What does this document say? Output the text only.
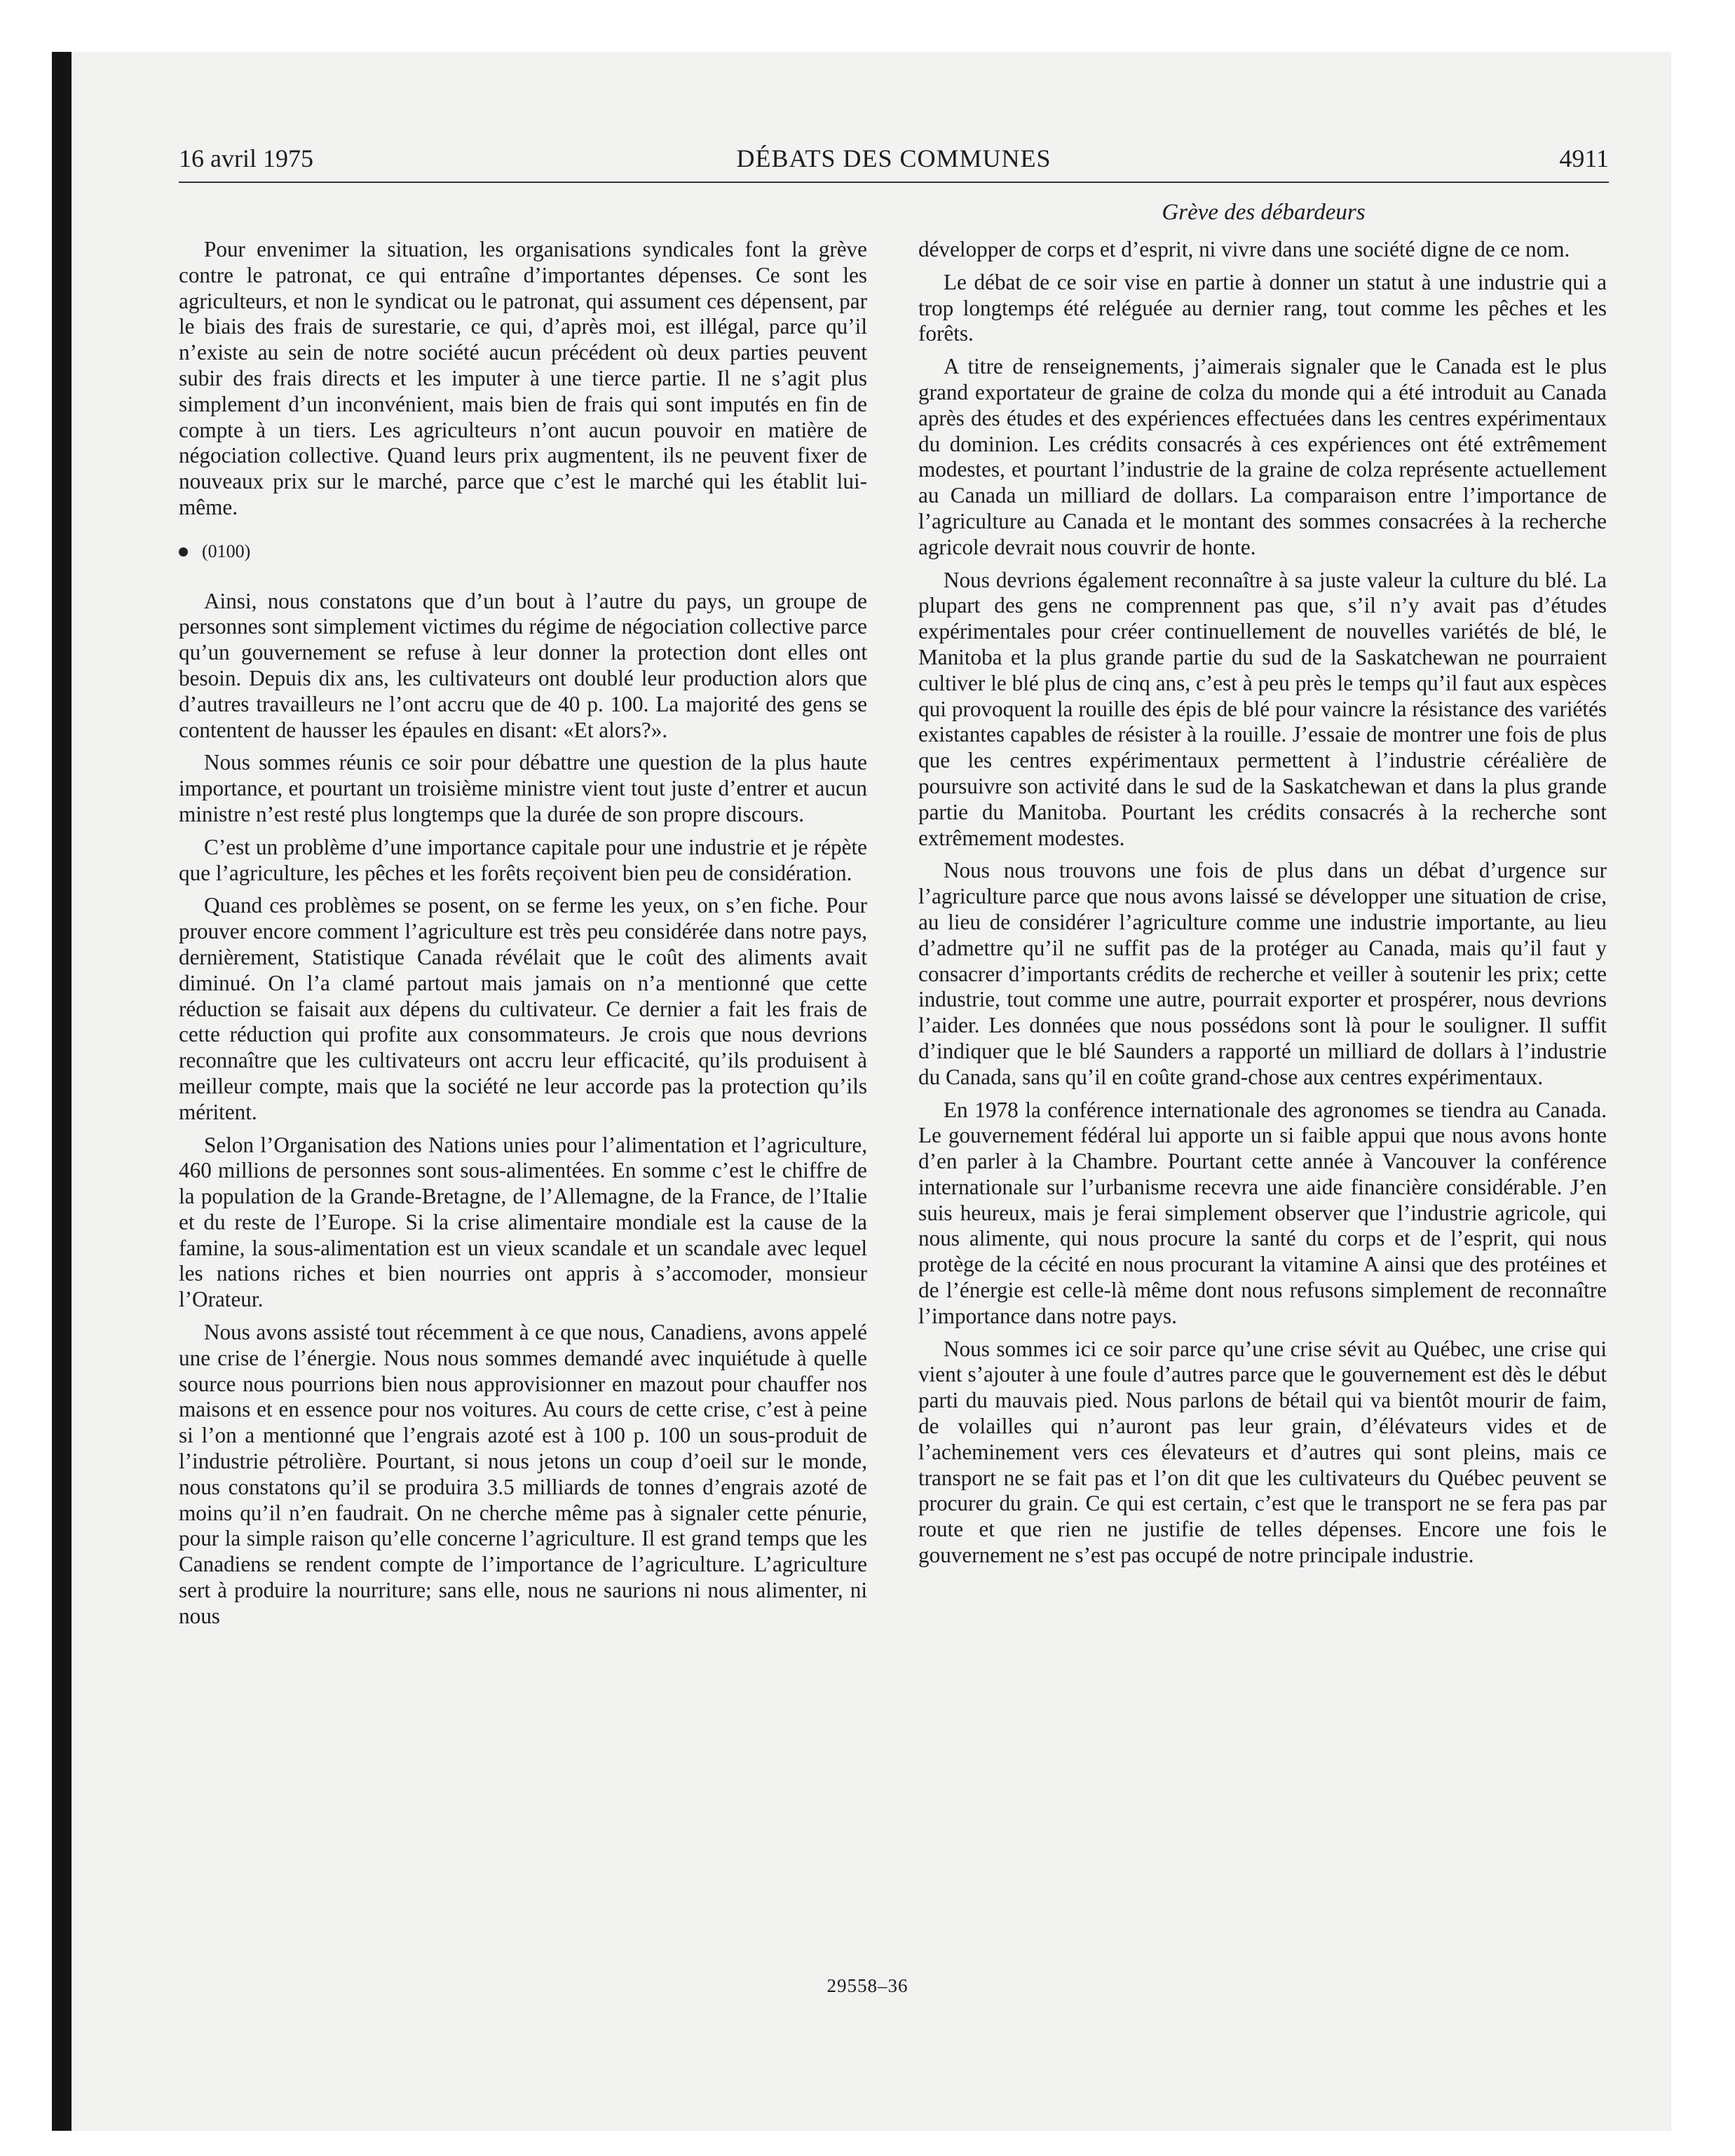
16 avril 1975	DÉBATS DES COMMUNES	4911
Grève des débardeurs

Pour envenimer la situation, les organisations syndicales font la grève contre le patronat, ce qui entraîne d’importantes dépenses. Ce sont les agriculteurs, et non le syndicat ou le patronat, qui assument ces dépensent, par le biais des frais de surestarie, ce qui, d’après moi, est illégal, parce qu’il n’existe au sein de notre société aucun précédent où deux parties peuvent subir des frais directs et les imputer à une tierce partie. Il ne s’agit plus simplement d’un inconvénient, mais bien de frais qui sont imputés en fin de compte à un tiers. Les agriculteurs n’ont aucun pouvoir en matière de négociation collective. Quand leurs prix augmentent, ils ne peuvent fixer de nouveaux prix sur le marché, parce que c’est le marché qui les établit lui-même.

(0100)

Ainsi, nous constatons que d’un bout à l’autre du pays, un groupe de personnes sont simplement victimes du régime de négociation collective parce qu’un gouvernement se refuse à leur donner la protection dont elles ont besoin. Depuis dix ans, les cultivateurs ont doublé leur production alors que d’autres travailleurs ne l’ont accru que de 40 p. 100. La majorité des gens se contentent de hausser les épaules en disant: «Et alors?».

Nous sommes réunis ce soir pour débattre une question de la plus haute importance, et pourtant un troisième ministre vient tout juste d’entrer et aucun ministre n’est resté plus longtemps que la durée de son propre discours.

C’est un problème d’une importance capitale pour une industrie et je répète que l’agriculture, les pêches et les forêts reçoivent bien peu de considération.

Quand ces problèmes se posent, on se ferme les yeux, on s’en fiche. Pour prouver encore comment l’agriculture est très peu considérée dans notre pays, dernièrement, Statistique Canada révélait que le coût des aliments avait diminué. On l’a clamé partout mais jamais on n’a mentionné que cette réduction se faisait aux dépens du cultivateur. Ce dernier a fait les frais de cette réduction qui profite aux consommateurs. Je crois que nous devrions reconnaître que les cultivateurs ont accru leur efficacité, qu’ils produisent à meilleur compte, mais que la société ne leur accorde pas la protection qu’ils méritent.

Selon l’Organisation des Nations unies pour l’alimentation et l’agriculture, 460 millions de personnes sont sous-alimentées. En somme c’est le chiffre de la population de la Grande-Bretagne, de l’Allemagne, de la France, de l’Italie et du reste de l’Europe. Si la crise alimentaire mondiale est la cause de la famine, la sous-alimentation est un vieux scandale et un scandale avec lequel les nations riches et bien nourries ont appris à s’accomoder, monsieur l’Orateur.

Nous avons assisté tout récemment à ce que nous, Canadiens, avons appelé une crise de l’énergie. Nous nous sommes demandé avec inquiétude à quelle source nous pourrions bien nous approvisionner en mazout pour chauffer nos maisons et en essence pour nos voitures. Au cours de cette crise, c’est à peine si l’on a mentionné que l’engrais azoté est à 100 p. 100 un sous-produit de l’industrie pétrolière. Pourtant, si nous jetons un coup d’oeil sur le monde, nous constatons qu’il se produira 3.5 milliards de tonnes d’engrais azoté de moins qu’il n’en faudrait. On ne cherche même pas à signaler cette pénurie, pour la simple raison qu’elle concerne l’agriculture. Il est grand temps que les Canadiens se rendent compte de l’importance de l’agriculture. L’agriculture sert à produire la nourriture; sans elle, nous ne saurions ni nous alimenter, ni nous

développer de corps et d’esprit, ni vivre dans une société digne de ce nom.

Le débat de ce soir vise en partie à donner un statut à une industrie qui a trop longtemps été reléguée au dernier rang, tout comme les pêches et les forêts.

A titre de renseignements, j’aimerais signaler que le Canada est le plus grand exportateur de graine de colza du monde qui a été introduit au Canada après des études et des expériences effectuées dans les centres expérimentaux du dominion. Les crédits consacrés à ces expériences ont été extrêmement modestes, et pourtant l’industrie de la graine de colza représente actuellement au Canada un milliard de dollars. La comparaison entre l’importance de l’agriculture au Canada et le montant des sommes consacrées à la recherche agricole devrait nous couvrir de honte.

Nous devrions également reconnaître à sa juste valeur la culture du blé. La plupart des gens ne comprennent pas que, s’il n’y avait pas d’études expérimentales pour créer continuellement de nouvelles variétés de blé, le Manitoba et la plus grande partie du sud de la Saskatchewan ne pourraient cultiver le blé plus de cinq ans, c’est à peu près le temps qu’il faut aux espèces qui provoquent la rouille des épis de blé pour vaincre la résistance des variétés existantes capables de résister à la rouille. J’essaie de montrer une fois de plus que les centres expérimentaux permettent à l’industrie céréalière de poursuivre son activité dans le sud de la Saskatchewan et dans la plus grande partie du Manitoba. Pourtant les crédits consacrés à la recherche sont extrêmement modestes.

Nous nous trouvons une fois de plus dans un débat d’urgence sur l’agriculture parce que nous avons laissé se développer une situation de crise, au lieu de considérer l’agriculture comme une industrie importante, au lieu d’admettre qu’il ne suffit pas de la protéger au Canada, mais qu’il faut y consacrer d’importants crédits de recherche et veiller à soutenir les prix; cette industrie, tout comme une autre, pourrait exporter et prospérer, nous devrions l’aider. Les données que nous possédons sont là pour le souligner. Il suffit d’indiquer que le blé Saunders a rapporté un milliard de dollars à l’industrie du Canada, sans qu’il en coûte grand-chose aux centres expérimentaux.

En 1978 la conférence internationale des agronomes se tiendra au Canada. Le gouvernement fédéral lui apporte un si faible appui que nous avons honte d’en parler à la Chambre. Pourtant cette année à Vancouver la conférence internationale sur l’urbanisme recevra une aide financière considérable. J’en suis heureux, mais je ferai simplement observer que l’industrie agricole, qui nous alimente, qui nous procure la santé du corps et de l’esprit, qui nous protège de la cécité en nous procurant la vitamine A ainsi que des protéines et de l’énergie est celle-là même dont nous refusons simplement de reconnaître l’importance dans notre pays.

Nous sommes ici ce soir parce qu’une crise sévit au Québec, une crise qui vient s’ajouter à une foule d’autres parce que le gouvernement est dès le début parti du mauvais pied. Nous parlons de bétail qui va bientôt mourir de faim, de volailles qui n’auront pas leur grain, d’élévateurs vides et de l’acheminement vers ces élevateurs et d’autres qui sont pleins, mais ce transport ne se fait pas et l’on dit que les cultivateurs du Québec peuvent se procurer du grain. Ce qui est certain, c’est que le transport ne se fera pas par route et que rien ne justifie de telles dépenses. Encore une fois le gouvernement ne s’est pas occupé de notre principale industrie.

29558–36
